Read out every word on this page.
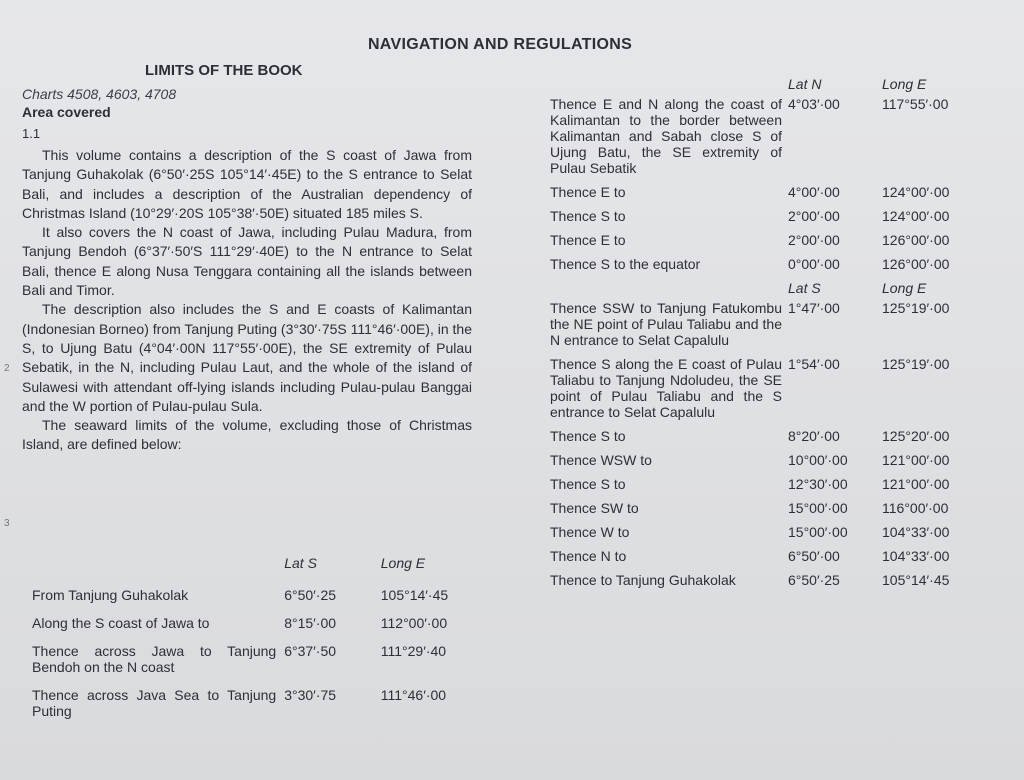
NAVIGATION AND REGULATIONS
LIMITS OF THE BOOK
Charts 4508, 4603, 4708
Area covered
1.1
2
3

This volume contains a description of the S coast of Jawa from Tanjung Guhakolak (6°50′·25S 105°14′·45E) to the S entrance to Selat Bali, and includes a description of the Australian dependency of Christmas Island (10°29′·20S 105°38′·50E) situated 185 miles S.

It also covers the N coast of Jawa, including Pulau Madura, from Tanjung Bendoh (6°37′·50′S 111°29′·40E) to the N entrance to Selat Bali, thence E along Nusa Tenggara containing all the islands between Bali and Timor.

The description also includes the S and E coasts of Kalimantan (Indonesian Borneo) from Tanjung Puting (3°30′·75S 111°46′·00E), in the S, to Ujung Batu (4°04′·00N 117°55′·00E), the SE extremity of Pulau Sebatik, in the N, including Pulau Laut, and the whole of the island of Sulawesi with attendant off-lying islands including Pulau-pulau Banggai and the W portion of Pulau-pulau Sula.

The seaward limits of the volume, excluding those of Christmas Island, are defined below:

	Lat S	Long E
From Tanjung Guhakolak	6°50′·25	105°14′·45
Along the S coast of Jawa to	8°15′·00	112°00′·00
Thence across Jawa to Tanjung Bendoh on the N coast	6°37′·50	111°29′·40
Thence across Java Sea to Tanjung Puting	3°30′·75	111°46′·00
	Lat N	Long E
Thence E and N along the coast of Kalimantan to the border between Kalimantan and Sabah close S of Ujung Batu, the SE extremity of Pulau Sebatik	4°03′·00	117°55′·00
Thence E to	4°00′·00	124°00′·00
Thence S to	2°00′·00	124°00′·00
Thence E to	2°00′·00	126°00′·00
Thence S to the equator	0°00′·00	126°00′·00
	Lat S	Long E
Thence SSW to Tanjung Fatukombu the NE point of Pulau Taliabu and the N entrance to Selat Capalulu	1°47′·00	125°19′·00
Thence S along the E coast of Pulau Taliabu to Tanjung Ndoludeu, the SE point of Pulau Taliabu and the S entrance to Selat Capalulu	1°54′·00	125°19′·00
Thence S to	8°20′·00	125°20′·00
Thence WSW to	10°00′·00	121°00′·00
Thence S to	12°30′·00	121°00′·00
Thence SW to	15°00′·00	116°00′·00
Thence W to	15°00′·00	104°33′·00
Thence N to	6°50′·00	104°33′·00
Thence to Tanjung Guhakolak	6°50′·25	105°14′·45
